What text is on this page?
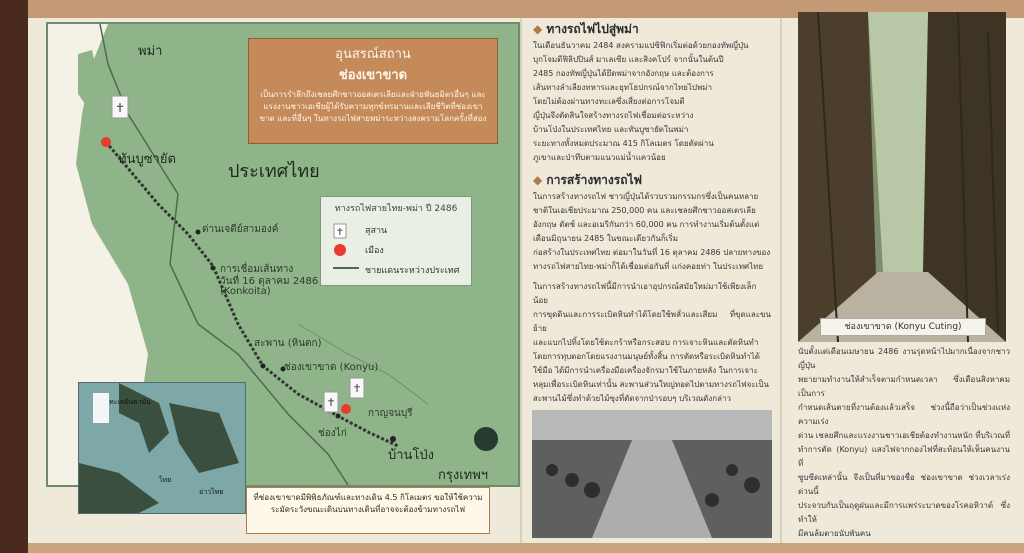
✝
✝
✝
พม่า
ประเทศไทย
ทันบูซายัต
ด่านเจดีย์สามองค์
การเชื่อมเส้นทาง
วันที่ 16 ตุลาคม 2486
(Konkoita)
สะพาน (หินตก)
ช่องเขาขาด (Konyu)
กาญจนบุรี
ช่องไก่
บ้านโป่ง
กรุงเทพฯ
อุนสรณ์สถาน
ช่องเขาขาด
เป็นการรำลึกถึงเชลยศึกชาวออสเตรเลียและฝ่ายพันธมิตรอื่นๆ และแรงงานชาวเอเชียผู้ได้รับความทุกข์ทรมานและเสียชีวิตที่ช่องเขาขาด และที่อื่นๆ ในทางรถไฟสายพม่าระหว่างสงครามโลกครั้งที่สอง
ทางรถไฟสายไทย-พม่า ปี 2486
✝ สุสาน
เมือง
ชายแดนระหว่างประเทศ
ทะเลอันดามัน
ไทย
อ่าวไทย
ที่ช่องเขาขาดมีพิพิธภัณฑ์และทางเดิน 4.5 กิโลเมตร ขอให้ใช้ความระมัดระวังขณะเดินบนทางเดินที่อาจจะต้องข้ามทางรถไฟ
◆ ทางรถไฟไปสู่พม่า
ในเดือนธันวาคม 2484 สงครามแปซิฟิกเริ่มต่อด้วยกองทัพญี่ปุ่น
บุกโจมตีฟิลิปปินส์ มาเลเซีย และสิงคโปร์ จากนั้นในต้นปี
2485 กองทัพญี่ปุ่นได้ยึดพม่าจากอังกฤษ และต้องการ
เส้นทางลำเลียงทหารและยุทโธปกรณ์จากไทยไปพม่า
โดยไม่ต้องผ่านทางทะเลซึ่งเสี่ยงต่อการโจมตี
ญี่ปุ่นจึงตัดสินใจสร้างทางรถไฟเชื่อมต่อระหว่าง
บ้านโป่งในประเทศไทย และทันบูซายัตในพม่า
ระยะทางทั้งหมดประมาณ 415 กิโลเมตร โดยตัดผ่าน
ภูเขาและป่าทึบตามแนวแม่น้ำแควน้อย
◆ การสร้างทางรถไฟ
ในการสร้างทางรถไฟ ชาวญี่ปุ่นได้รวบรวมกรรมกรซึ่งเป็นคนหลาย
ชาติในเอเชียประมาณ 250,000 คน และเชลยศึกชาวออสเตรเลีย
อังกฤษ ดัตช์ และอเมริกันกว่า 60,000 คน การทำงานเริ่มต้นตั้งแต่
เดือนมิถุนายน 2485 ในขณะเดียวกันก็เริ่ม
ก่อสร้างในประเทศไทย ต่อมาในวันที่ 16 ตุลาคม 2486 ปลายทางของ
ทางรถไฟสายไทย-พม่าก็ได้เชื่อมต่อกันที่ แก่งคอยท่า ในประเทศไทย
ในการสร้างทางรถไฟนี้มีการนำเอาอุปกรณ์สมัยใหม่มาใช้เพียงเล็กน้อย
การขุดดินและการระเบิดหินทำได้โดยใช้พลั่วและเสียม ที่ขุดและขนย้าย
และแบกไปทิ้งโดยใช้ตะกร้าหรือกระสอบ การเจาะหินและตัดหินทำ
โดยการทุบตอกโดยแรงงานมนุษย์ทั้งสิ้น การตัดหรือระเบิดหินทำได้
ใช้มือ ได้มีการนำเครื่องมือเครื่องจักรมาใช้ในภายหลัง ในการเจาะ
หลุมเพื่อระเบิดหินเท่านั้น สะพานส่วนใหญ่ทอดไปตามทางรถไฟจะเป็น
สะพานไม้ซึ่งทำด้วยไม้ซุงที่ตัดจากป่ารอบๆ บริเวณดังกล่าว
ช่องเขาขาด (Konyu Cuting)
นับตั้งแต่เดือนเมษายน 2486 งานรุดหน้าไปมากเนื่องจากชาวญี่ปุ่น
พยายามทำงานให้สำเร็จตามกำหนดเวลา ซึ่งเดือนสิงหาคมเป็นการ
กำหนดเส้นตายที่งานต้องแล้วเสร็จ ช่วงนี้ถือว่าเป็นช่วงแห่งความเร่ง
ด่วน เชลยศึกและแรงงานชาวเอเชียต้องทำงานหนัก ที่บริเวณที่
ทำการตัด (Konyu) แสงไฟจากกองไฟที่สะท้อนให้เห็นคนงานที่
ซูบซีดเหล่านั้น จึงเป็นที่มาของชื่อ ช่องเขาขาด ช่วงเวลาเร่งด่วนนี้
ประจวบกับเป็นฤดูฝนและมีการแพร่ระบาดของโรคอหิวาต์ ซึ่งทำให้
มีคนล้มตายนับพันคน
